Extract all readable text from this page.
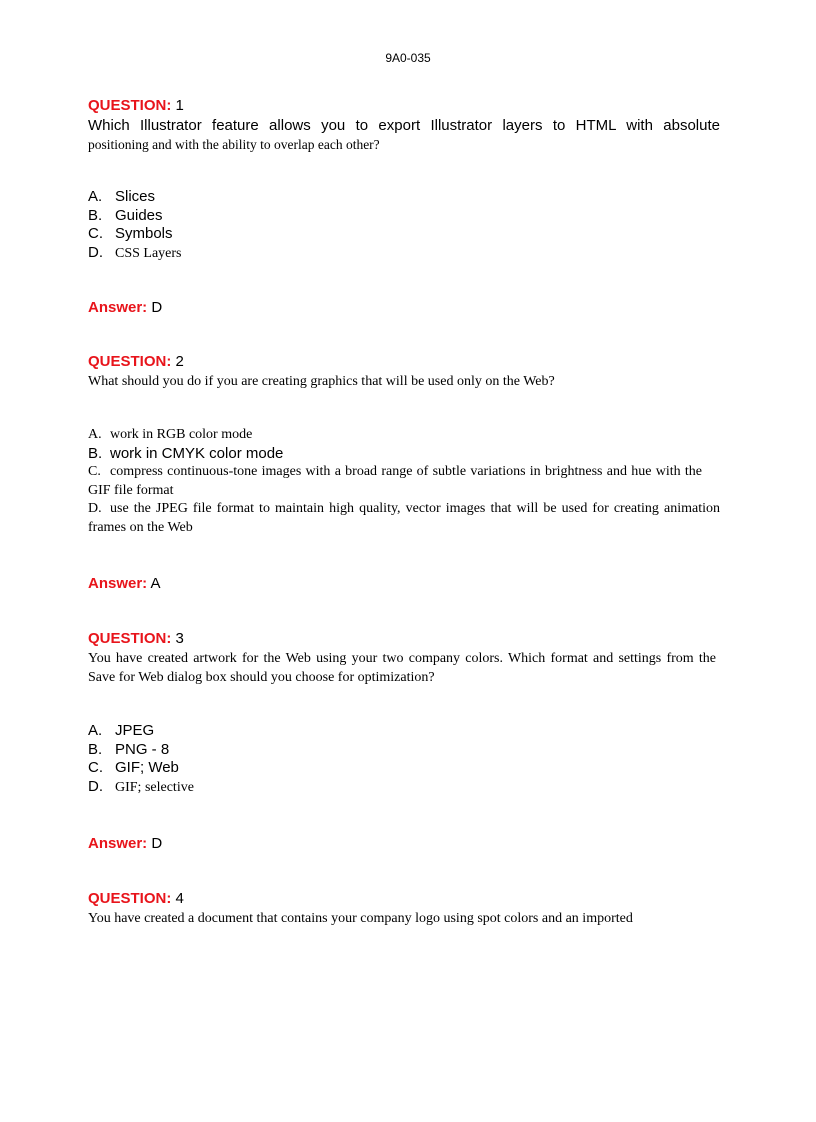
9A0-035

QUESTION: 1

Which Illustrator feature allows you to export Illustrator layers to HTML with absolute

positioning and with the ability to overlap each other?

A. Slices
B. Guides
C. Symbols
D. CSS Layers

Answer: D

QUESTION: 2

What should you do if you are creating graphics that will be used only on the Web?

A. work in RGB color mode
B. work in CMYK color mode
C. compress continuous-tone images with a broad range of subtle variations in brightness and hue with the GIF file format
D. use the JPEG file format to maintain high quality, vector images that will be used for creating animation frames on the Web

Answer: A

QUESTION: 3

You have created artwork for the Web using your two company colors. Which format and settings from the Save for Web dialog box should you choose for optimization?

A. JPEG
B. PNG - 8
C. GIF; Web
D. GIF; selective

Answer: D

QUESTION: 4

You have created a document that contains your company logo using spot colors and an imported
